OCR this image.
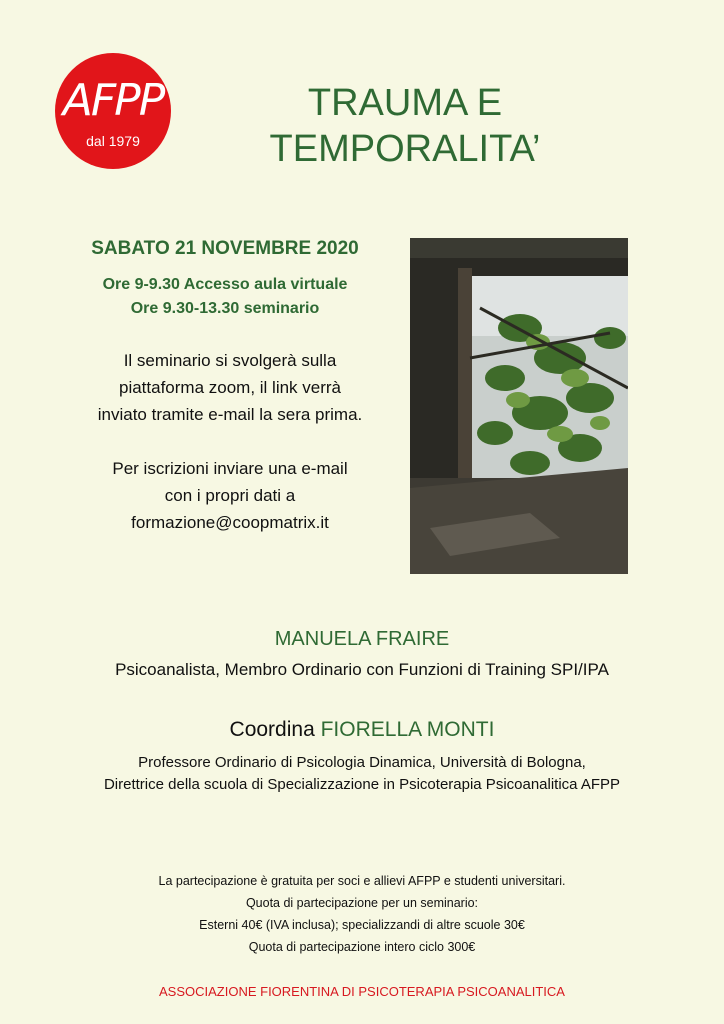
AFPP
dal 1979
TRAUMA E
TEMPORALITA’
SABATO 21 NOVEMBRE 2020
Ore 9-9.30 Accesso aula virtuale
Ore 9.30-13.30 seminario
Il seminario si svolgerà sulla
piattaforma zoom, il link verrà
inviato tramite e-mail la sera prima.
Per iscrizioni inviare una e-mail
con i propri dati a
formazione@coopmatrix.it
MANUELA FRAIRE
Psicoanalista, Membro Ordinario con Funzioni di Training SPI/IPA
Coordina FIORELLA MONTI
Professore Ordinario di Psicologia Dinamica, Università di Bologna,
Direttrice della scuola di Specializzazione in Psicoterapia Psicoanalitica AFPP
La partecipazione è gratuita per soci e allievi AFPP e studenti universitari.
Quota di partecipazione per un seminario:
Esterni 40€ (IVA inclusa); specializzandi di altre scuole 30€
Quota di partecipazione intero ciclo 300€
ASSOCIAZIONE FIORENTINA DI PSICOTERAPIA PSICOANALITICA
